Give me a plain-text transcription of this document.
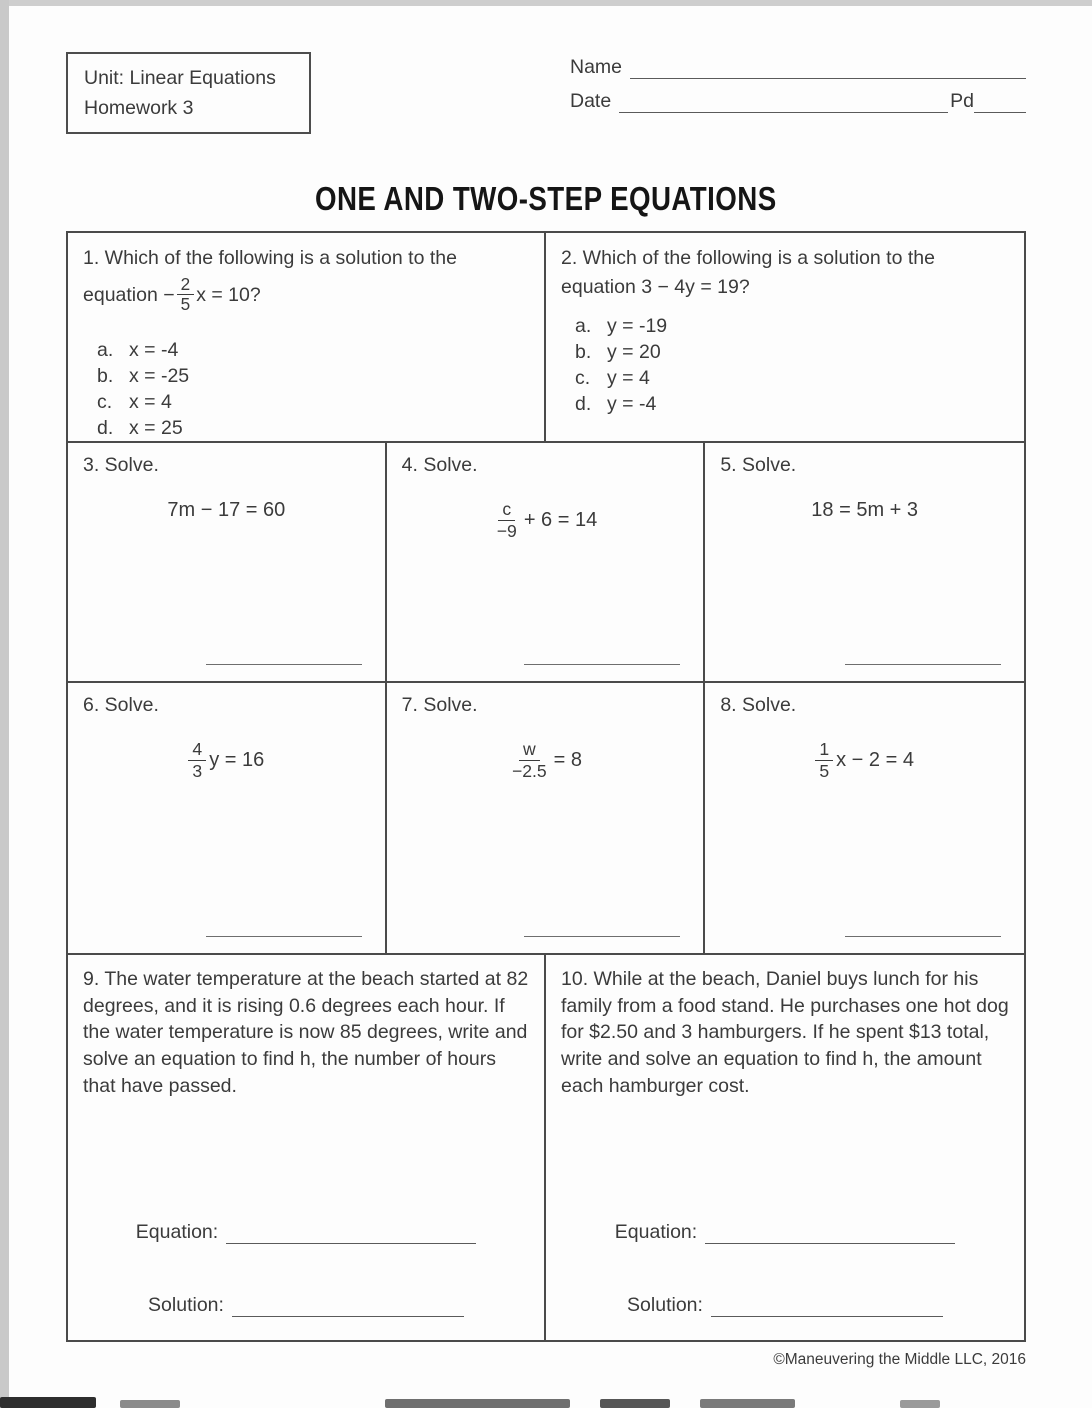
Unit: Linear Equations
Homework 3
Name
Date	Pd
ONE AND TWO-STEP EQUATIONS
1. Which of the following is a solution to the

equation − $\frac{2}{5}$ x = 10?
a. x = -4
b. x = -25
c. x = 4
d. x = 25
2. Which of the following is a solution to the
equation 3 − 4y = 19?
a. y = -19
b. y = 20
c. y = 4
d. y = -4
3. Solve.
7m − 17 = 60
4. Solve.
$\frac{c}{-9} + 6 = 14$
5. Solve.
18 = 5m + 3
6. Solve.
$\frac{4}{3}$ y = 16
7. Solve.
$\frac{w}{-2.5} = 8$
8. Solve.
$\frac{1}{5}$ x − 2 = 4
9. The water temperature at the beach started at 82 degrees, and it is rising 0.6 degrees each hour. If the water temperature is now 85 degrees, write and solve an equation to find h, the number of hours that have passed.
Equation:
Solution:
10. While at the beach, Daniel buys lunch for his family from a food stand. He purchases one hot dog for $2.50 and 3 hamburgers. If he spent $13 total, write and solve an equation to find h, the amount each hamburger cost.
Equation:
Solution:
©Maneuvering the Middle LLC, 2016
